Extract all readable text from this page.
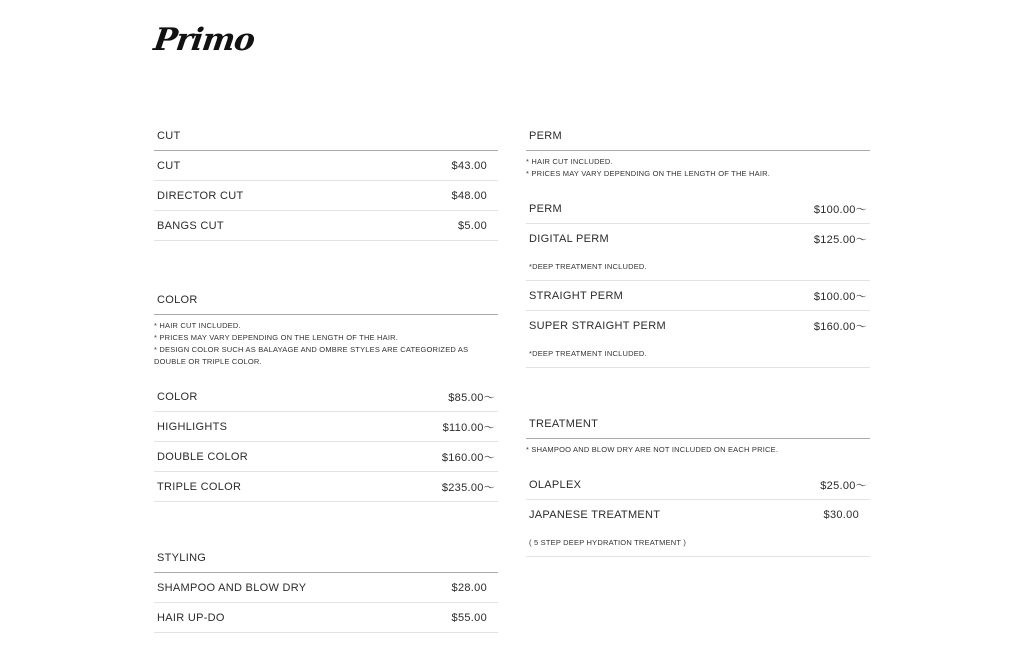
Primo
CUT
CUT	$43.00
DIRECTOR CUT	$48.00
BANGS CUT	$5.00
COLOR
* HAIR CUT INCLUDED.
* PRICES MAY VARY DEPENDING ON THE LENGTH OF THE HAIR.
* DESIGN COLOR SUCH AS BALAYAGE AND OMBRE STYLES ARE CATEGORIZED AS
DOUBLE OR TRIPLE COLOR.
COLOR	$85.00～
HIGHLIGHTS	$110.00～
DOUBLE COLOR	$160.00～
TRIPLE COLOR	$235.00～
STYLING
SHAMPOO AND BLOW DRY	$28.00
HAIR UP-DO	$55.00
PERM
* HAIR CUT INCLUDED.
* PRICES MAY VARY DEPENDING ON THE LENGTH OF THE HAIR.
PERM	$100.00～
DIGITAL PERM	$125.00～
*DEEP TREATMENT INCLUDED.
STRAIGHT PERM	$100.00～
SUPER STRAIGHT PERM	$160.00～
*DEEP TREATMENT INCLUDED.
TREATMENT
* SHAMPOO AND BLOW DRY ARE NOT INCLUDED ON EACH PRICE.
OLAPLEX	$25.00～
JAPANESE TREATMENT	$30.00
( 5 STEP DEEP HYDRATION TREATMENT )
